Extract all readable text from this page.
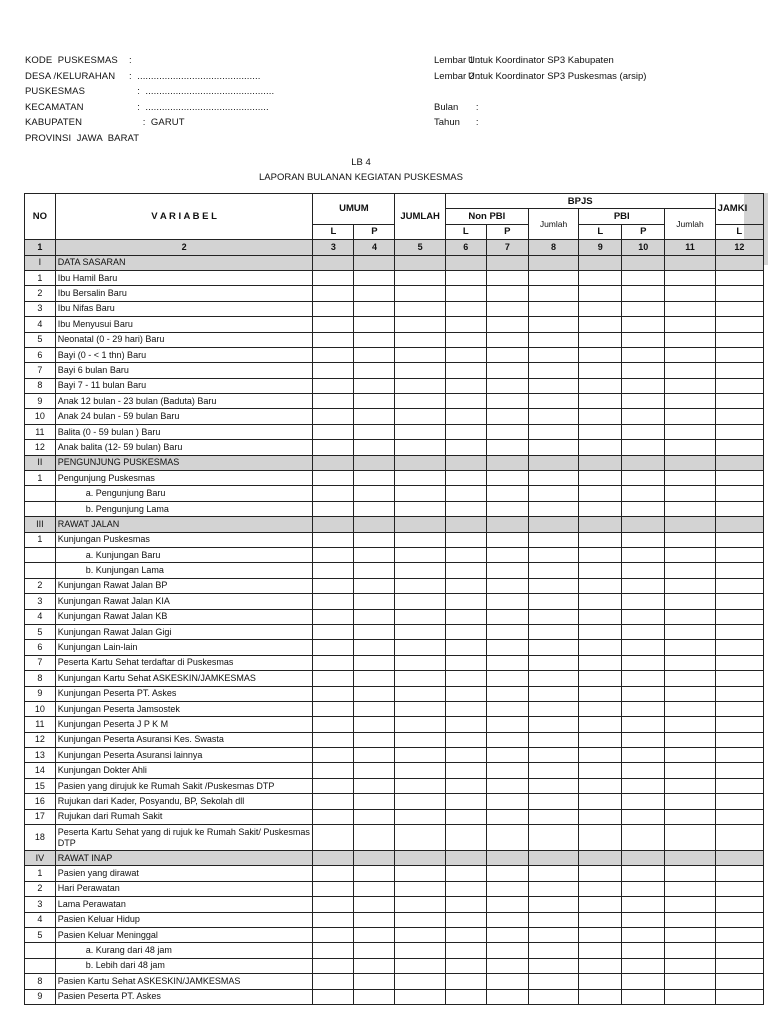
KODE  PUSKESMAS :
DESA /KELURAHAN :  .............................................
PUSKESMAS	:  ...............................................
KECAMATAN	:  .............................................
KABUPATEN	:  GARUT
PROVINSI  JAWA  BARAT
Lembar 1 :
Untuk Koordinator SP3 Kabupaten
Lembar 2 :
Untuk Koordinator SP3 Puskesmas (arsip)
Bulan :
Tahun :
LB 4
LAPORAN BULANAN KEGIATAN PUSKESMAS
NO	V A R I A B E L	UMUM		JUMLAH	BPJS						JAMKI
					Non PBI		Jumlah	PBI		Jumlah	
		L	P		L	P		L	P		L
1	2	3	4	5	6	7	8	9	10	11	12
I	DATA SASARAN										
1	Ibu Hamil Baru										
2	Ibu Bersalin Baru										
3	Ibu Nifas Baru										
4	Ibu Menyusui Baru										
5	Neonatal (0 - 29 hari) Baru										
6	Bayi (0 - < 1 thn) Baru										
7	Bayi 6 bulan Baru										
8	Bayi 7 - 11 bulan Baru										
9	Anak 12 bulan - 23 bulan (Baduta) Baru										
10	Anak 24 bulan - 59 bulan Baru										
11	Balita (0 - 59 bulan ) Baru										
12	Anak balita (12- 59 bulan) Baru										
II	PENGUNJUNG PUSKESMAS										
1	Pengunjung Puskesmas										
	a. Pengunjung Baru										
	b. Pengunjung Lama										
III	RAWAT JALAN										
1	Kunjungan Puskesmas										
	a. Kunjungan Baru										
	b. Kunjungan Lama										
2	Kunjungan Rawat Jalan BP										
3	Kunjungan Rawat Jalan KIA										
4	Kunjungan Rawat Jalan KB										
5	Kunjungan Rawat Jalan Gigi										
6	Kunjungan Lain-lain										
7	Peserta Kartu Sehat terdaftar di Puskesmas										
8	Kunjungan Kartu Sehat ASKESKIN/JAMKESMAS										
9	Kunjungan Peserta PT. Askes										
10	Kunjungan Peserta Jamsostek										
11	Kunjungan Peserta J P K M										
12	Kunjungan Peserta Asuransi Kes. Swasta										
13	Kunjungan Peserta Asuransi lainnya										
14	Kunjungan Dokter Ahli										
15	Pasien yang dirujuk ke Rumah Sakit /Puskesmas DTP										
16	Rujukan dari Kader, Posyandu, BP, Sekolah dll										
17	Rujukan dari Rumah Sakit										
18	Peserta Kartu Sehat yang di rujuk ke Rumah Sakit/ Puskesmas DTP										
IV	RAWAT INAP										
1	Pasien yang dirawat										
2	Hari Perawatan										
3	Lama Perawatan										
4	Pasien Keluar Hidup										
5	Pasien Keluar Meninggal										
	a. Kurang dari 48 jam										
	b. Lebih dari 48 jam										
8	Pasien Kartu Sehat ASKESKIN/JAMKESMAS										
9	Pasien Peserta PT. Askes										
